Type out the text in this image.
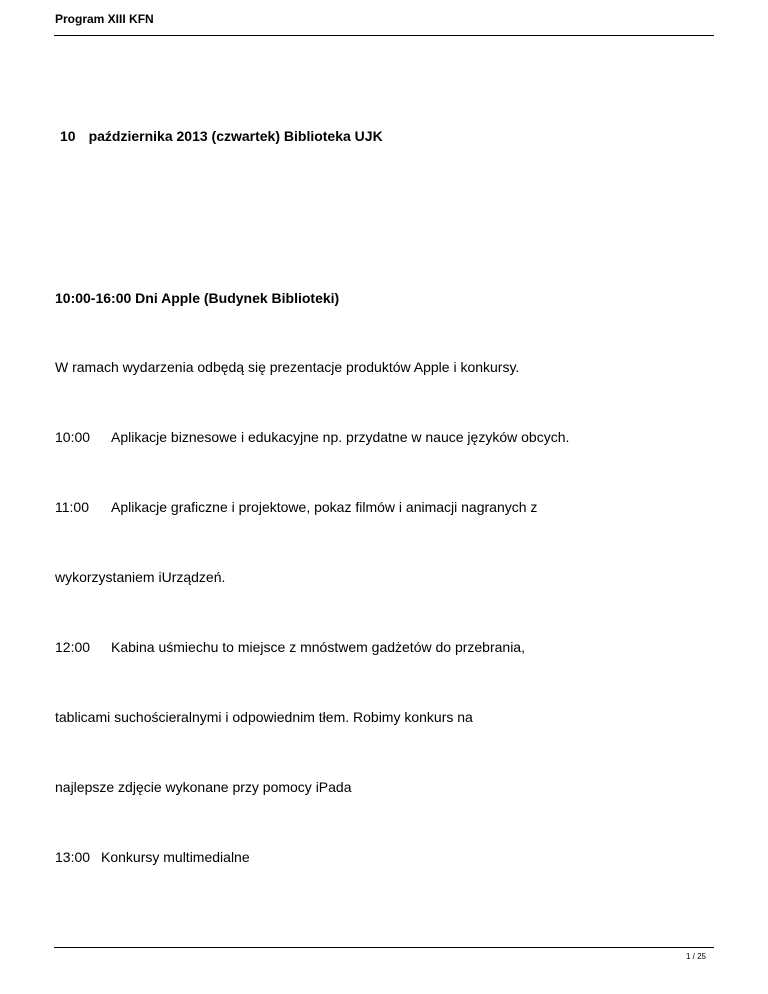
Program XIII KFN
10 października 2013 (czwartek) Biblioteka UJK
10:00-16:00 Dni Apple (Budynek Biblioteki)
W ramach wydarzenia odbędą się prezentacje produktów Apple i konkursy.
10:00 Aplikacje biznesowe i edukacyjne np. przydatne w nauce języków obcych.
11:00 Aplikacje graficzne i projektowe, pokaz filmów i animacji nagranych z
wykorzystaniem iUrządzeń.
12:00 Kabina uśmiechu to miejsce z mnóstwem gadżetów do przebrania,
tablicami suchościeralnymi i odpowiednim tłem. Robimy konkurs na
najlepsze zdjęcie wykonane przy pomocy iPada
13:00 Konkursy multimedialne
1 / 25
